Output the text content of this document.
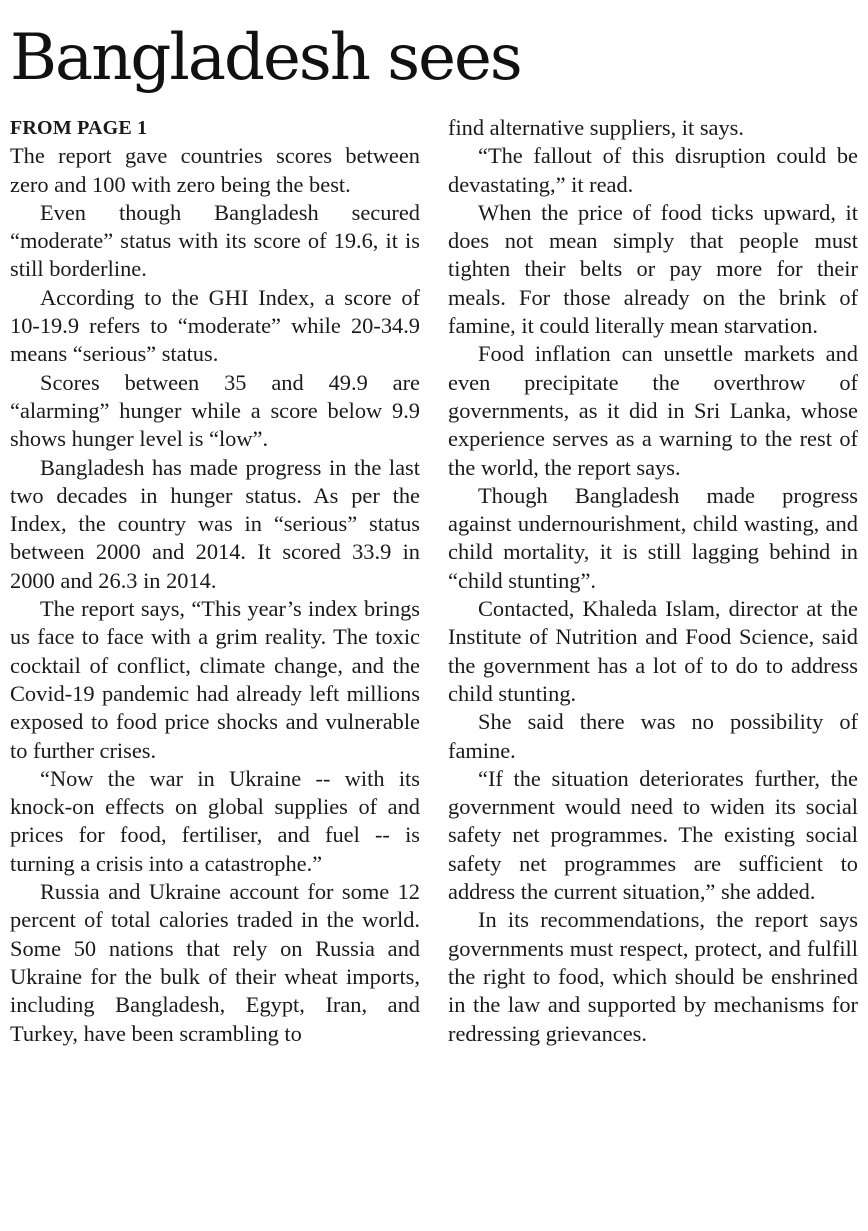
Bangladesh sees
FROM PAGE 1

The report gave countries scores between zero and 100 with zero being the best.

Even though Bangladesh secured “moderate” status with its score of 19.6, it is still borderline.

According to the GHI Index, a score of 10-19.9 refers to “moderate” while 20-34.9 means “serious” status.

Scores between 35 and 49.9 are “alarming” hunger while a score below 9.9 shows hunger level is “low”.

Bangladesh has made progress in the last two decades in hunger status. As per the Index, the country was in “serious” status between 2000 and 2014. It scored 33.9 in 2000 and 26.3 in 2014.

The report says, “This year’s index brings us face to face with a grim reality. The toxic cocktail of conflict, climate change, and the Covid-19 pandemic had already left millions exposed to food price shocks and vulnerable to further crises.

“Now the war in Ukraine -- with its knock-on effects on global supplies of and prices for food, fertiliser, and fuel -- is turning a crisis into a catastrophe.”

Russia and Ukraine account for some 12 percent of total calories traded in the world. Some 50 nations that rely on Russia and Ukraine for the bulk of their wheat imports, including Bangladesh, Egypt, Iran, and Turkey, have been scrambling to

find alternative suppliers, it says.

“The fallout of this disruption could be devastating,” it read.

When the price of food ticks upward, it does not mean simply that people must tighten their belts or pay more for their meals. For those already on the brink of famine, it could literally mean starvation.

Food inflation can unsettle markets and even precipitate the overthrow of governments, as it did in Sri Lanka, whose experience serves as a warning to the rest of the world, the report says.

Though Bangladesh made progress against undernourishment, child wasting, and child mortality, it is still lagging behind in “child stunting”.

Contacted, Khaleda Islam, director at the Institute of Nutrition and Food Science, said the government has a lot of to do to address child stunting.

She said there was no possibility of famine.

“If the situation deteriorates further, the government would need to widen its social safety net programmes. The existing social safety net programmes are sufficient to address the current situation,” she added.

In its recommendations, the report says governments must respect, protect, and fulfill the right to food, which should be enshrined in the law and supported by mechanisms for redressing grievances.
